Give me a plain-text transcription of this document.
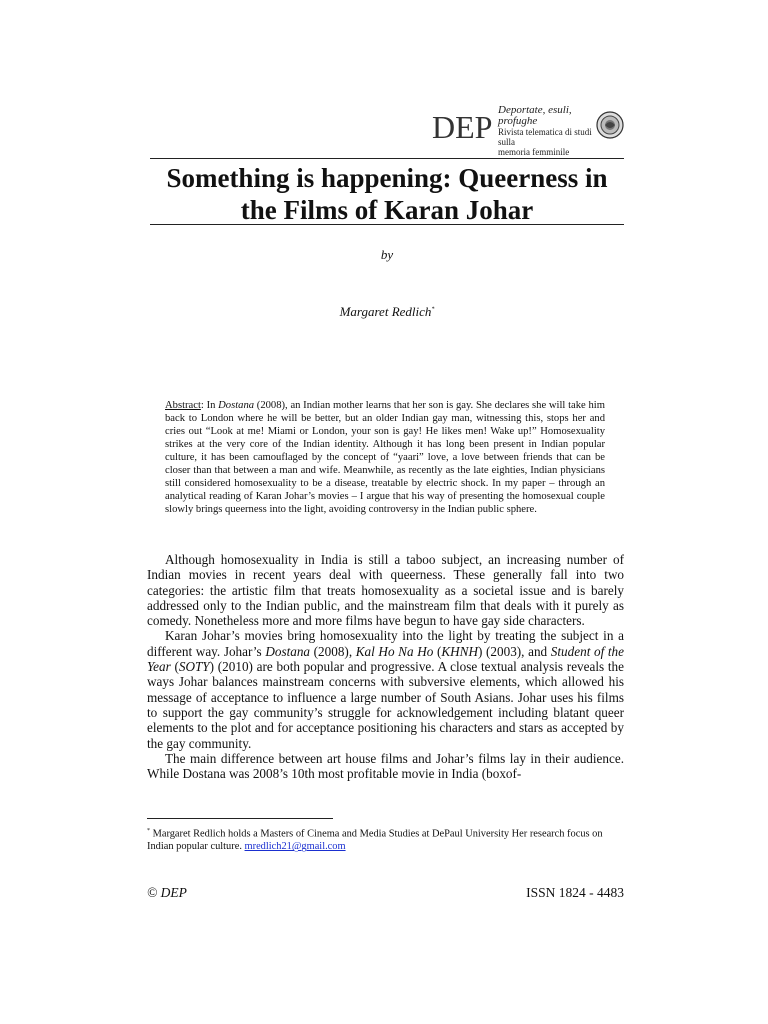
DEP Deportate, esuli,
profughe
Rivista telematica di studi sulla
memoria femminile
Something is happening: Queerness in the Films of Karan Johar
by
Margaret Redlich*
Abstract: In Dostana (2008), an Indian mother learns that her son is gay. She declares she will take him back to London where he will be better, but an older Indian gay man, witnessing this, stops her and cries out “Look at me! Miami or London, your son is gay! He likes men! Wake up!” Homosexuality strikes at the very core of the Indian identity. Although it has long been present in Indian popular culture, it has been camouflaged by the concept of “yaari” love, a love between friends that can be closer than that between a man and wife. Meanwhile, as recently as the late eighties, Indian physicians still considered homosexuality to be a disease, treatable by electric shock. In my paper – through an analytical reading of Karan Johar’s movies – I argue that his way of presenting the homosexual couple slowly brings queerness into the light, avoiding controversy in the Indian public sphere.

Although homosexuality in India is still a taboo subject, an increasing number of Indian movies in recent years deal with queerness. These generally fall into two categories: the artistic film that treats homosexuality as a societal issue and is barely addressed only to the Indian public, and the mainstream film that deals with it purely as comedy. Nonetheless more and more films have begun to have gay side characters.

Karan Johar’s movies bring homosexuality into the light by treating the subject in a different way. Johar’s Dostana (2008), Kal Ho Na Ho (KHNH) (2003), and Student of the Year (SOTY) (2010) are both popular and progressive. A close textual analysis reveals the ways Johar balances mainstream concerns with subversive elements, which allowed his message of acceptance to influence a large number of South Asians. Johar uses his films to support the gay community’s struggle for acknowledgement including blatant queer elements to the plot and for acceptance positioning his characters and stars as accepted by the gay community.

The main difference between art house films and Johar’s films lay in their audience. While Dostana was 2008’s 10th most profitable movie in India (boxof-

* Margaret Redlich holds a Masters of Cinema and Media Studies at DePaul University Her research focus on Indian popular culture. mredlich21@gmail.com
© DEP	ISSN 1824 - 4483
